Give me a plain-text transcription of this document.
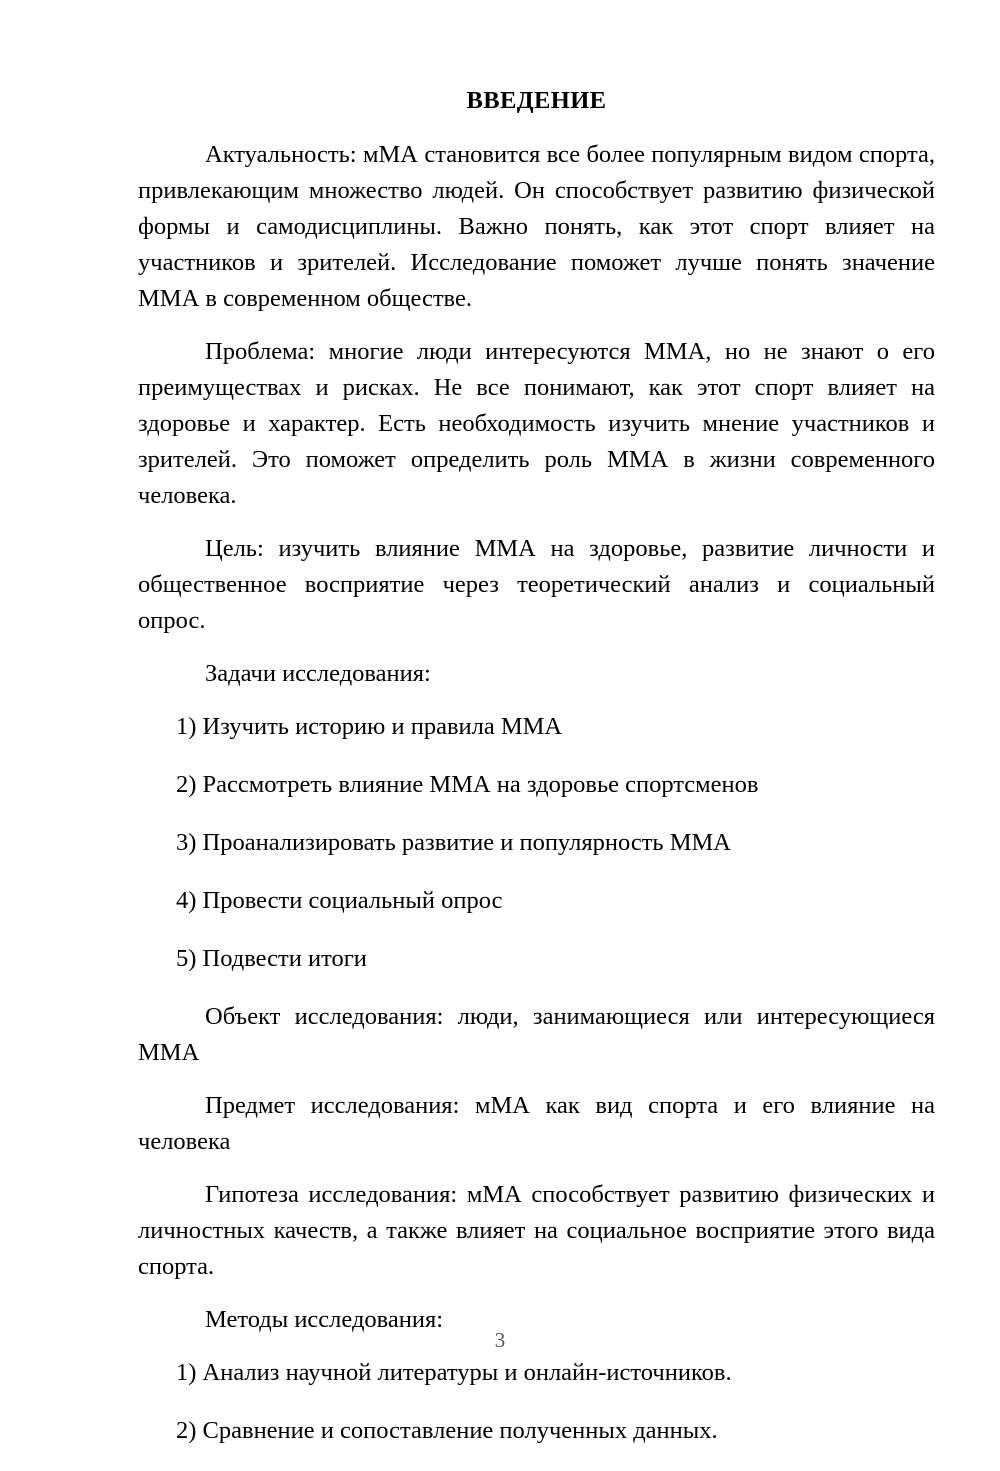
ВВЕДЕНИЕ

Актуальность: мМА становится все более популярным видом спорта, привлекающим множество людей. Он способствует развитию физической формы и самодисциплины. Важно понять, как этот спорт влияет на участников и зрителей. Исследование поможет лучше понять значение ММА в современном обществе.

Проблема: многие люди интересуются ММА, но не знают о его преимуществах и рисках. Не все понимают, как этот спорт влияет на здоровье и характер. Есть необходимость изучить мнение участников и зрителей. Это поможет определить роль ММА в жизни современного человека.

Цель: изучить влияние ММА на здоровье, развитие личности и общественное восприятие через теоретический анализ и социальный опрос.

Задачи исследования:

1) Изучить историю и правила ММА

2) Рассмотреть влияние ММА на здоровье спортсменов

3) Проанализировать развитие и популярность ММА

4) Провести социальный опрос

5) Подвести итоги

Объект исследования: люди, занимающиеся или интересующиеся ММА

Предмет исследования: мМА как вид спорта и его влияние на человека

Гипотеза исследования: мМА способствует развитию физических и личностных качеств, а также влияет на социальное восприятие этого вида спорта.

Методы исследования:

1) Анализ научной литературы и онлайн-источников.

2) Сравнение и сопоставление полученных данных.

3
